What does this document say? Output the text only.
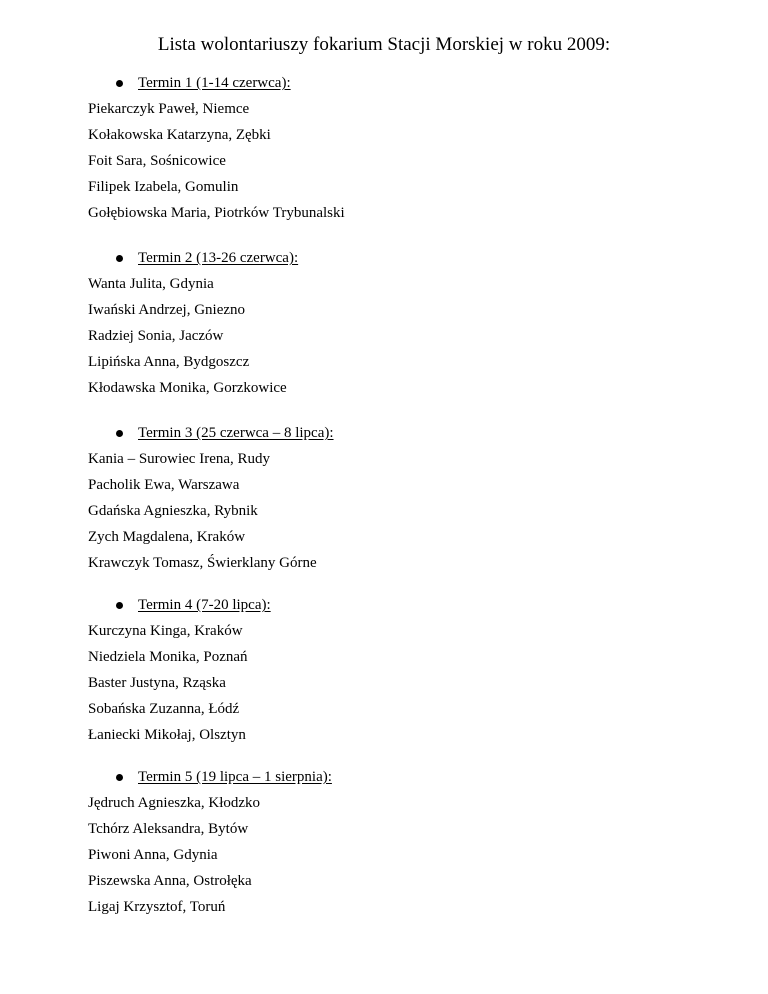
Lista wolontariuszy fokarium Stacji Morskiej w roku 2009:
Termin 1 (1-14 czerwca):
Piekarczyk Paweł, Niemce
Kołakowska Katarzyna, Zębki
Foit Sara, Sośnicowice
Filipek Izabela, Gomulin
Gołębiowska Maria, Piotrków Trybunalski
Termin 2 (13-26 czerwca):
Wanta Julita, Gdynia
Iwański Andrzej, Gniezno
Radziej Sonia, Jaczów
Lipińska Anna, Bydgoszcz
Kłodawska Monika, Gorzkowice
Termin 3 (25 czerwca – 8 lipca):
Kania – Surowiec Irena, Rudy
Pacholik Ewa, Warszawa
Gdańska Agnieszka, Rybnik
Zych Magdalena, Kraków
Krawczyk Tomasz, Świerklany Górne
Termin 4 (7-20 lipca):
Kurczyna Kinga, Kraków
Niedziela Monika, Poznań
Baster Justyna, Rząska
Sobańska Zuzanna, Łódź
Łaniecki Mikołaj, Olsztyn
Termin 5 (19 lipca – 1 sierpnia):
Jędruch Agnieszka, Kłodzko
Tchórz Aleksandra, Bytów
Piwoni Anna, Gdynia
Piszewska Anna, Ostrołęka
Ligaj Krzysztof, Toruń
